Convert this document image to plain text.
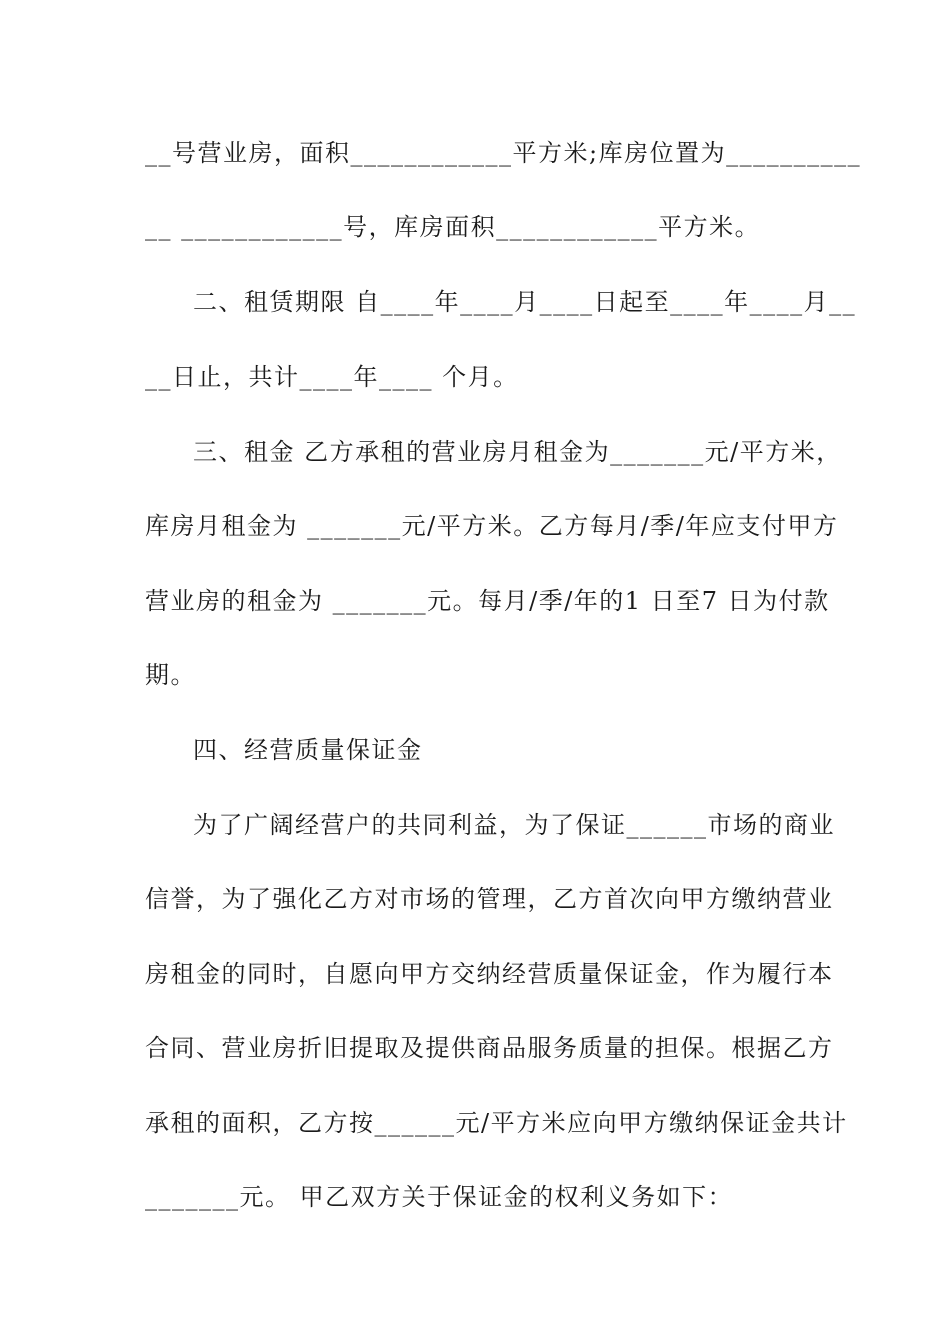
__号营业房，面积____________平方米;库房位置为__________
__ ____________号，库房面积____________平方米。
二、租赁期限 自____年____月____日起至____年____月__
__日止，共计____年____ 个月。
三、租金 乙方承租的营业房月租金为_______元/平方米，
库房月租金为 _______元/平方米。乙方每月/季/年应支付甲方
营业房的租金为 _______元。每月/季/年的1 日至7 日为付款
期。
四、经营质量保证金
为了广阔经营户的共同利益，为了保证______市场的商业
信誉，为了强化乙方对市场的管理，乙方首次向甲方缴纳营业
房租金的同时，自愿向甲方交纳经营质量保证金，作为履行本
合同、营业房折旧提取及提供商品服务质量的担保。根据乙方
承租的面积，乙方按______元/平方米应向甲方缴纳保证金共计
_______元。 甲乙双方关于保证金的权利义务如下：
